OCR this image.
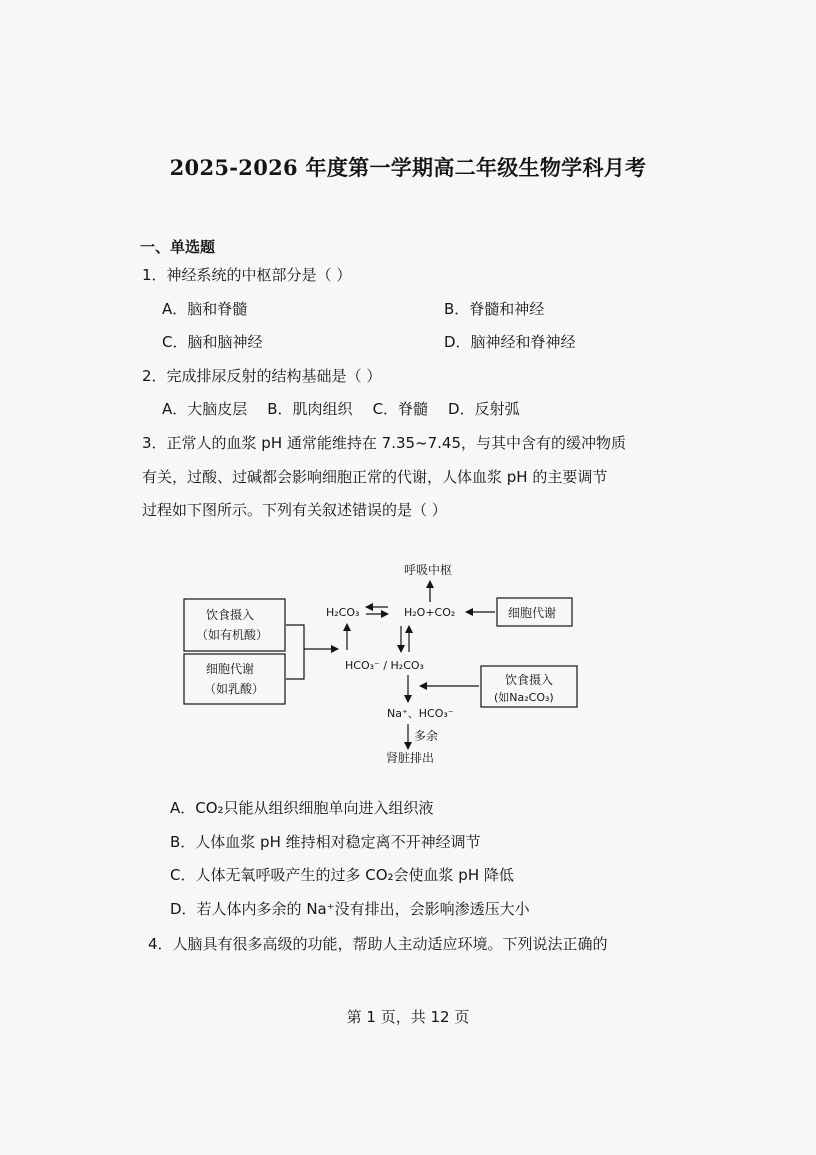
2025-2026 年度第一学期高二年级生物学科月考
一、单选题
1．神经系统的中枢部分是（ ）
A．脑和脊髓	B．脊髓和神经
C．脑和脑神经	D．脑神经和脊神经
2．完成排尿反射的结构基础是（ ）
A．大脑皮层 B．肌肉组织 C．脊髓 D．反射弧
3．正常人的血浆 pH 通常能维持在 7.35~7.45，与其中含有的缓冲物质
有关，过酸、过碱都会影响细胞正常的代谢，人体血浆 pH 的主要调节
过程如下图所示。下列有关叙述错误的是（ ）
呼吸中枢
H₂CO₃	H₂O+CO₂	细胞代谢
饮食摄入
（如有机酸）
细胞代谢
（如乳酸）
HCO₃⁻ / H₂CO₃
饮食摄入
(如Na₂CO₃)
Na⁺、HCO₃⁻
多余
肾脏排出
A．CO₂只能从组织细胞单向进入组织液
B．人体血浆 pH 维持相对稳定离不开神经调节
C．人体无氧呼吸产生的过多 CO₂会使血浆 pH 降低
D．若人体内多余的 Na⁺没有排出，会影响渗透压大小
4．人脑具有很多高级的功能，帮助人主动适应环境。下列说法正确的
第 1 页，共 12 页
